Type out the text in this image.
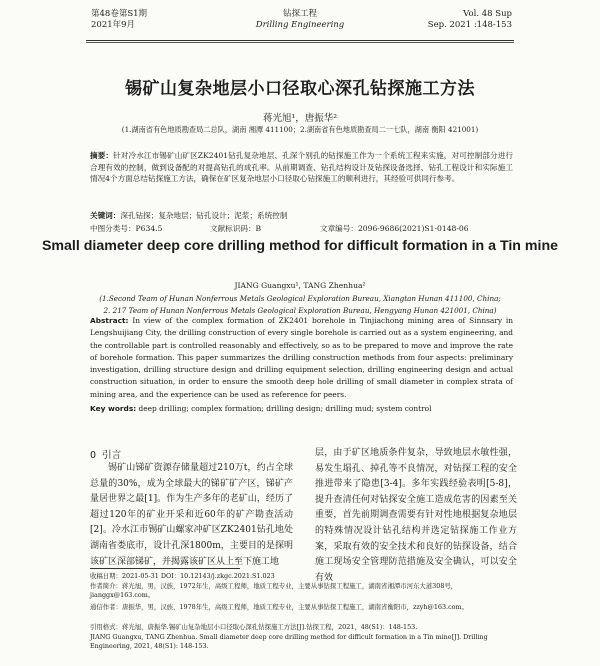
第48卷第S1期
2021年9月
钻探工程
Drilling Engineering
Vol. 48 Sup
Sep. 2021 :148-153
锡矿山复杂地层小口径取心深孔钻探施工方法
蒋光旭¹，唐振华²
(1.湖南省有色地质勘查局二总队，湖南 湘潭 411100；2.湖南省有色地质勘查局二一七队，湖南 衡阳 421001)
摘要：针对冷水江市锡矿山矿区ZK2401钻孔复杂地层、孔深个别孔的钻探施工作为一个系统工程来实施，对可控制部分进行合理有效的控制，做到设备配的对提高钻孔的成孔率。从前期调查、钻孔结构设计及钻探设备选择、钻孔工程设计和实际施工情况4个方面总结钻探施工方法，确保在矿区复杂地层小口径取心钻探施工的顺利进行，其经验可供同行参考。
关键词：深孔钻探；复杂地层；钻孔设计；泥浆；系统控制
中图分类号：P634.5	文献标识码：B	文章编号：2096-9686(2021)S1-0148-06
Small diameter deep core drilling method for difficult formation in a Tin mine
JIANG Guangxu¹, TANG Zhenhua²
(1.Second Team of Hunan Nonferrous Metals Geological Exploration Bureau, Xiangtan Hunan 411100, China;
2. 217 Team of Hunan Nonferrous Metals Geological Exploration Bureau, Hengyang Hunan 421001, China)
Abstract: In view of the complex formation of ZK2401 borehole in Tinjiachong mining area of Sinnsary in Lengshuijiang City, the drilling construction of every single borehole is carried out as a system engineering, and the controllable part is controlled reasonably and effectively, so as to be prepared to move and improve the rate of borehole formation. This paper summarizes the drilling construction methods from four aspects: preliminary investigation, drilling structure design and drilling equipment selection, drilling engineering design and actual construction situation, in order to ensure the smooth deep hole drilling of small diameter in complex strata of mining area, and the experience can be used as reference for peers.
Key words: deep drilling; complex formation; drilling design; drilling mud; system control
0 引言

锡矿山锑矿资源存储量超过210万t，约占全球总量的30%，成为全球最大的锑矿矿产区，锑矿产量居世界之最[1]。作为生产多年的老矿山，经历了超过120年的矿业开采和近60年的矿产勘查活动[2]。冷水江市锡矿山螺家冲矿区ZK2401钻孔地处湖南省娄底市，设计孔深1800m，主要目的是探明该矿区深部锑矿，并揭露该矿区从上至下施工地

层，由于矿区地质条件复杂，导致地层水敏性强，易发生塌孔、掉孔等不良情况，对钻探工程的安全推进带来了隐患[3-4]。多年实践经验表明[5-8]，提升查清任何对钻探安全施工造成危害的因素至关重要，首先前期调查需要有针对性地根据复杂地层的特殊情况设计钻孔结构并选定钻探施工作业方案，采取有效的安全技术和良好的钻探设备，结合施工现场安全管理防范措施及安全确认，可以安全有效

收稿日期：2021-05-31 DOI：10.12143/j.zkgc.2021.S1.023
作者简介：蒋光旭，男，汉族，1972年生，高级工程师，地质工程专业，主要从事钻探工程施工，湖南省湘潭市河东大道308号，jianggx@163.com。
通信作者：唐振华，男，汉族，1978年生，高级工程师，地质工程专业，主要从事钻探工程施工，湖南省衡阳市，zzyh@163.com。
引用格式：蒋光旭，唐振华.锡矿山复杂地层小口径取心深孔钻探施工方法[J].钻探工程，2021，48(S1)：148-153.
JIANG Guangxu, TANG Zhenhua. Small diameter deep core drilling method for difficult formation in a Tin mine[J]. Drilling Engineering, 2021, 48(S1): 148-153.
